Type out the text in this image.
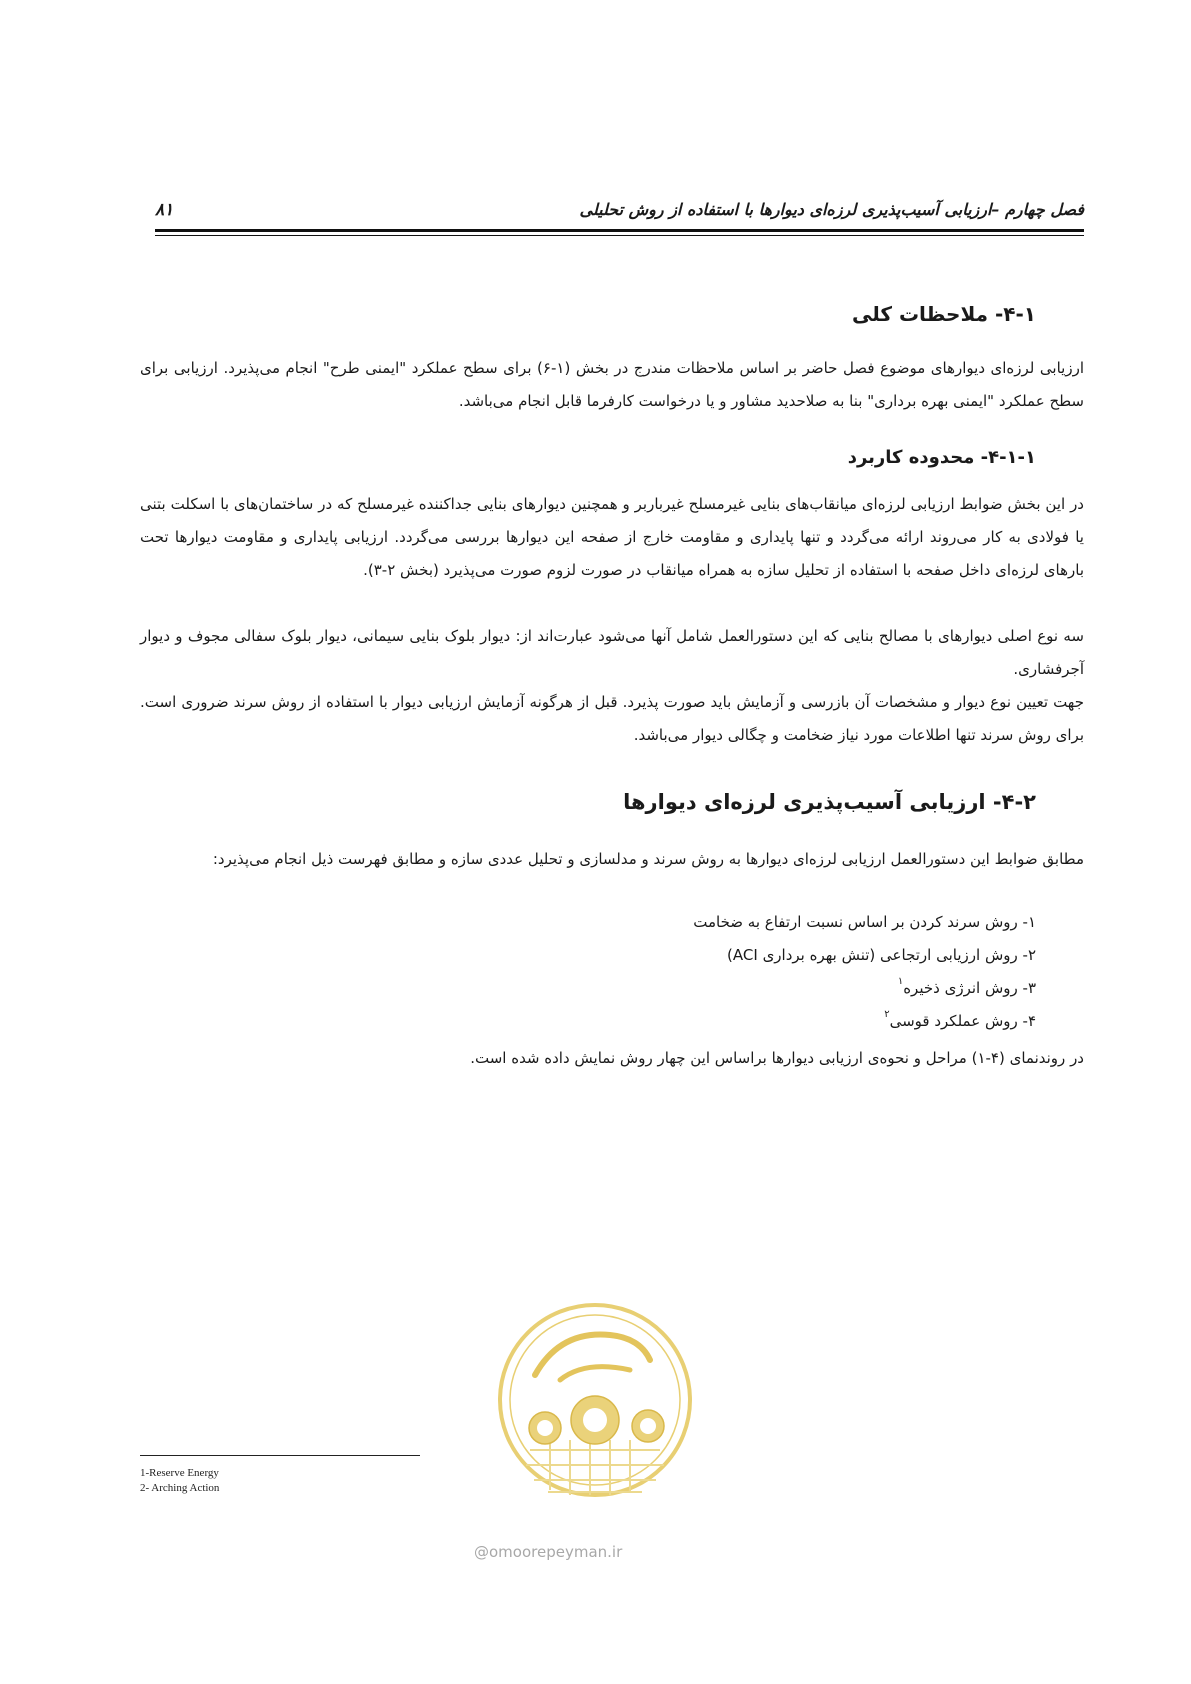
فصل چهارم –ارزیابی آسیب‌پذیری لرزه‌ای دیوارها با استفاده از روش تحلیلی
۸۱
۴-۱- ملاحظات کلی
ارزیابی لرزه‌ای دیوارهای موضوع فصل حاضر بر اساس ملاحظات مندرج در بخش (۱-۶) برای سطح عملکرد "ایمنی طرح" انجام می‌پذیرد. ارزیابی برای سطح عملکرد "ایمنی بهره برداری" بنا به صلاحدید مشاور و یا درخواست کارفرما قابل انجام می‌باشد.
۴-۱-۱- محدوده کاربرد
در این بخش ضوابط ارزیابی لرزه‌ای میانقاب‌های بنایی غیرمسلح غیرباربر و همچنین دیوارهای بنایی جداکننده غیرمسلح که در ساختمان‌های با اسکلت بتنی یا فولادی به کار می‌روند ارائه می‌گردد و تنها پایداری و مقاومت خارج از صفحه این دیوارها بررسی می‌گردد. ارزیابی پایداری و مقاومت دیوارها تحت بارهای لرزه‌ای داخل صفحه با استفاده از تحلیل سازه به همراه میانقاب در صورت لزوم صورت می‌پذیرد (بخش ۲-۳).
سه نوع اصلی دیوارهای با مصالح بنایی که این دستورالعمل شامل آنها می‌شود عبارت‌اند از: دیوار بلوک بنایی سیمانی، دیوار بلوک سفالی مجوف و دیوار آجرفشاری.
جهت تعیین نوع دیوار و مشخصات آن بازرسی و آزمایش باید صورت پذیرد. قبل از هرگونه آزمایش ارزیابی دیوار با استفاده از روش سرند ضروری است. برای روش سرند تنها اطلاعات مورد نیاز ضخامت و چگالی دیوار می‌باشد.
۴-۲- ارزیابی آسیب‌پذیری لرزه‌ای دیوارها
مطابق ضوابط این دستورالعمل ارزیابی لرزه‌ای دیوارها به روش سرند و مدلسازی و تحلیل عددی سازه و مطابق فهرست ذیل انجام می‌پذیرد:
۱- روش سرند کردن بر اساس نسبت ارتفاع به ضخامت
۲- روش ارزیابی ارتجاعی (تنش بهره برداری ACI)
۳- روش انرژی ذخیره$^۱$
۴- روش عملکرد قوسی$^۲$
در روندنمای (۴-۱) مراحل و نحوه‌ی ارزیابی دیوارها براساس این چهار روش نمایش داده شده است.
1-Reserve Energy
2- Arching Action
@omoorepeyman.ir
